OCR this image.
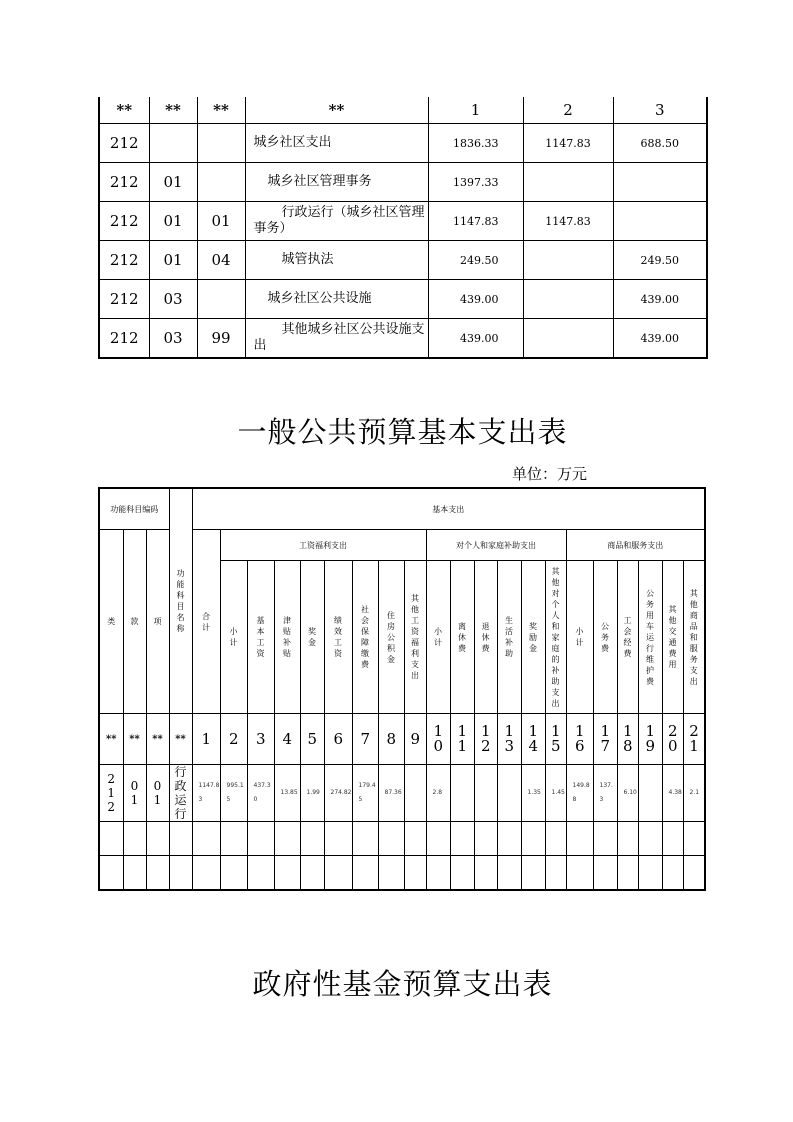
**	**	**	**	1	2	3
212			城乡社区支出	1836.33	1147.83	688.50
212	01		城乡社区管理事务	1397.33		
212	01	01	行政运行（城乡社区管理事务）	1147.83	1147.83	
212	01	04	城管执法	249.50		249.50
212	03		城乡社区公共设施	439.00		439.00
212	03	99	其他城乡社区公共设施支出	439.00		439.00
一般公共预算基本支出表
单位：万元
功能科目编码			功能科目名称	基本支出																				
类	款	项		合计	工资福利支出								对个人和家庭补助支出						商品和服务支出					

					小计	基本工资	津贴补贴	奖金	绩效工资	社会保障缴费	住房公积金	其他工资福利支出	小计	离休费	退休费	生活补助	奖励金	其他对个人和家庭的补助支出	小计	公务费	工会经费	公务用车运行维护费	其他交通费用	其他商品和服务支出

**	**	**	**	1	2	3	4	5	6	7	8	9	10	11	12	13	14	15	16	17	18	19	20	21

212	01	01	行政运行	1147.83	995.15	437.30	13.85	1.99	274.82	179.45	87.36		2.8				1.35	1.45	149.88	137.3	6.10		4.38	2.1

政府性基金预算支出表
